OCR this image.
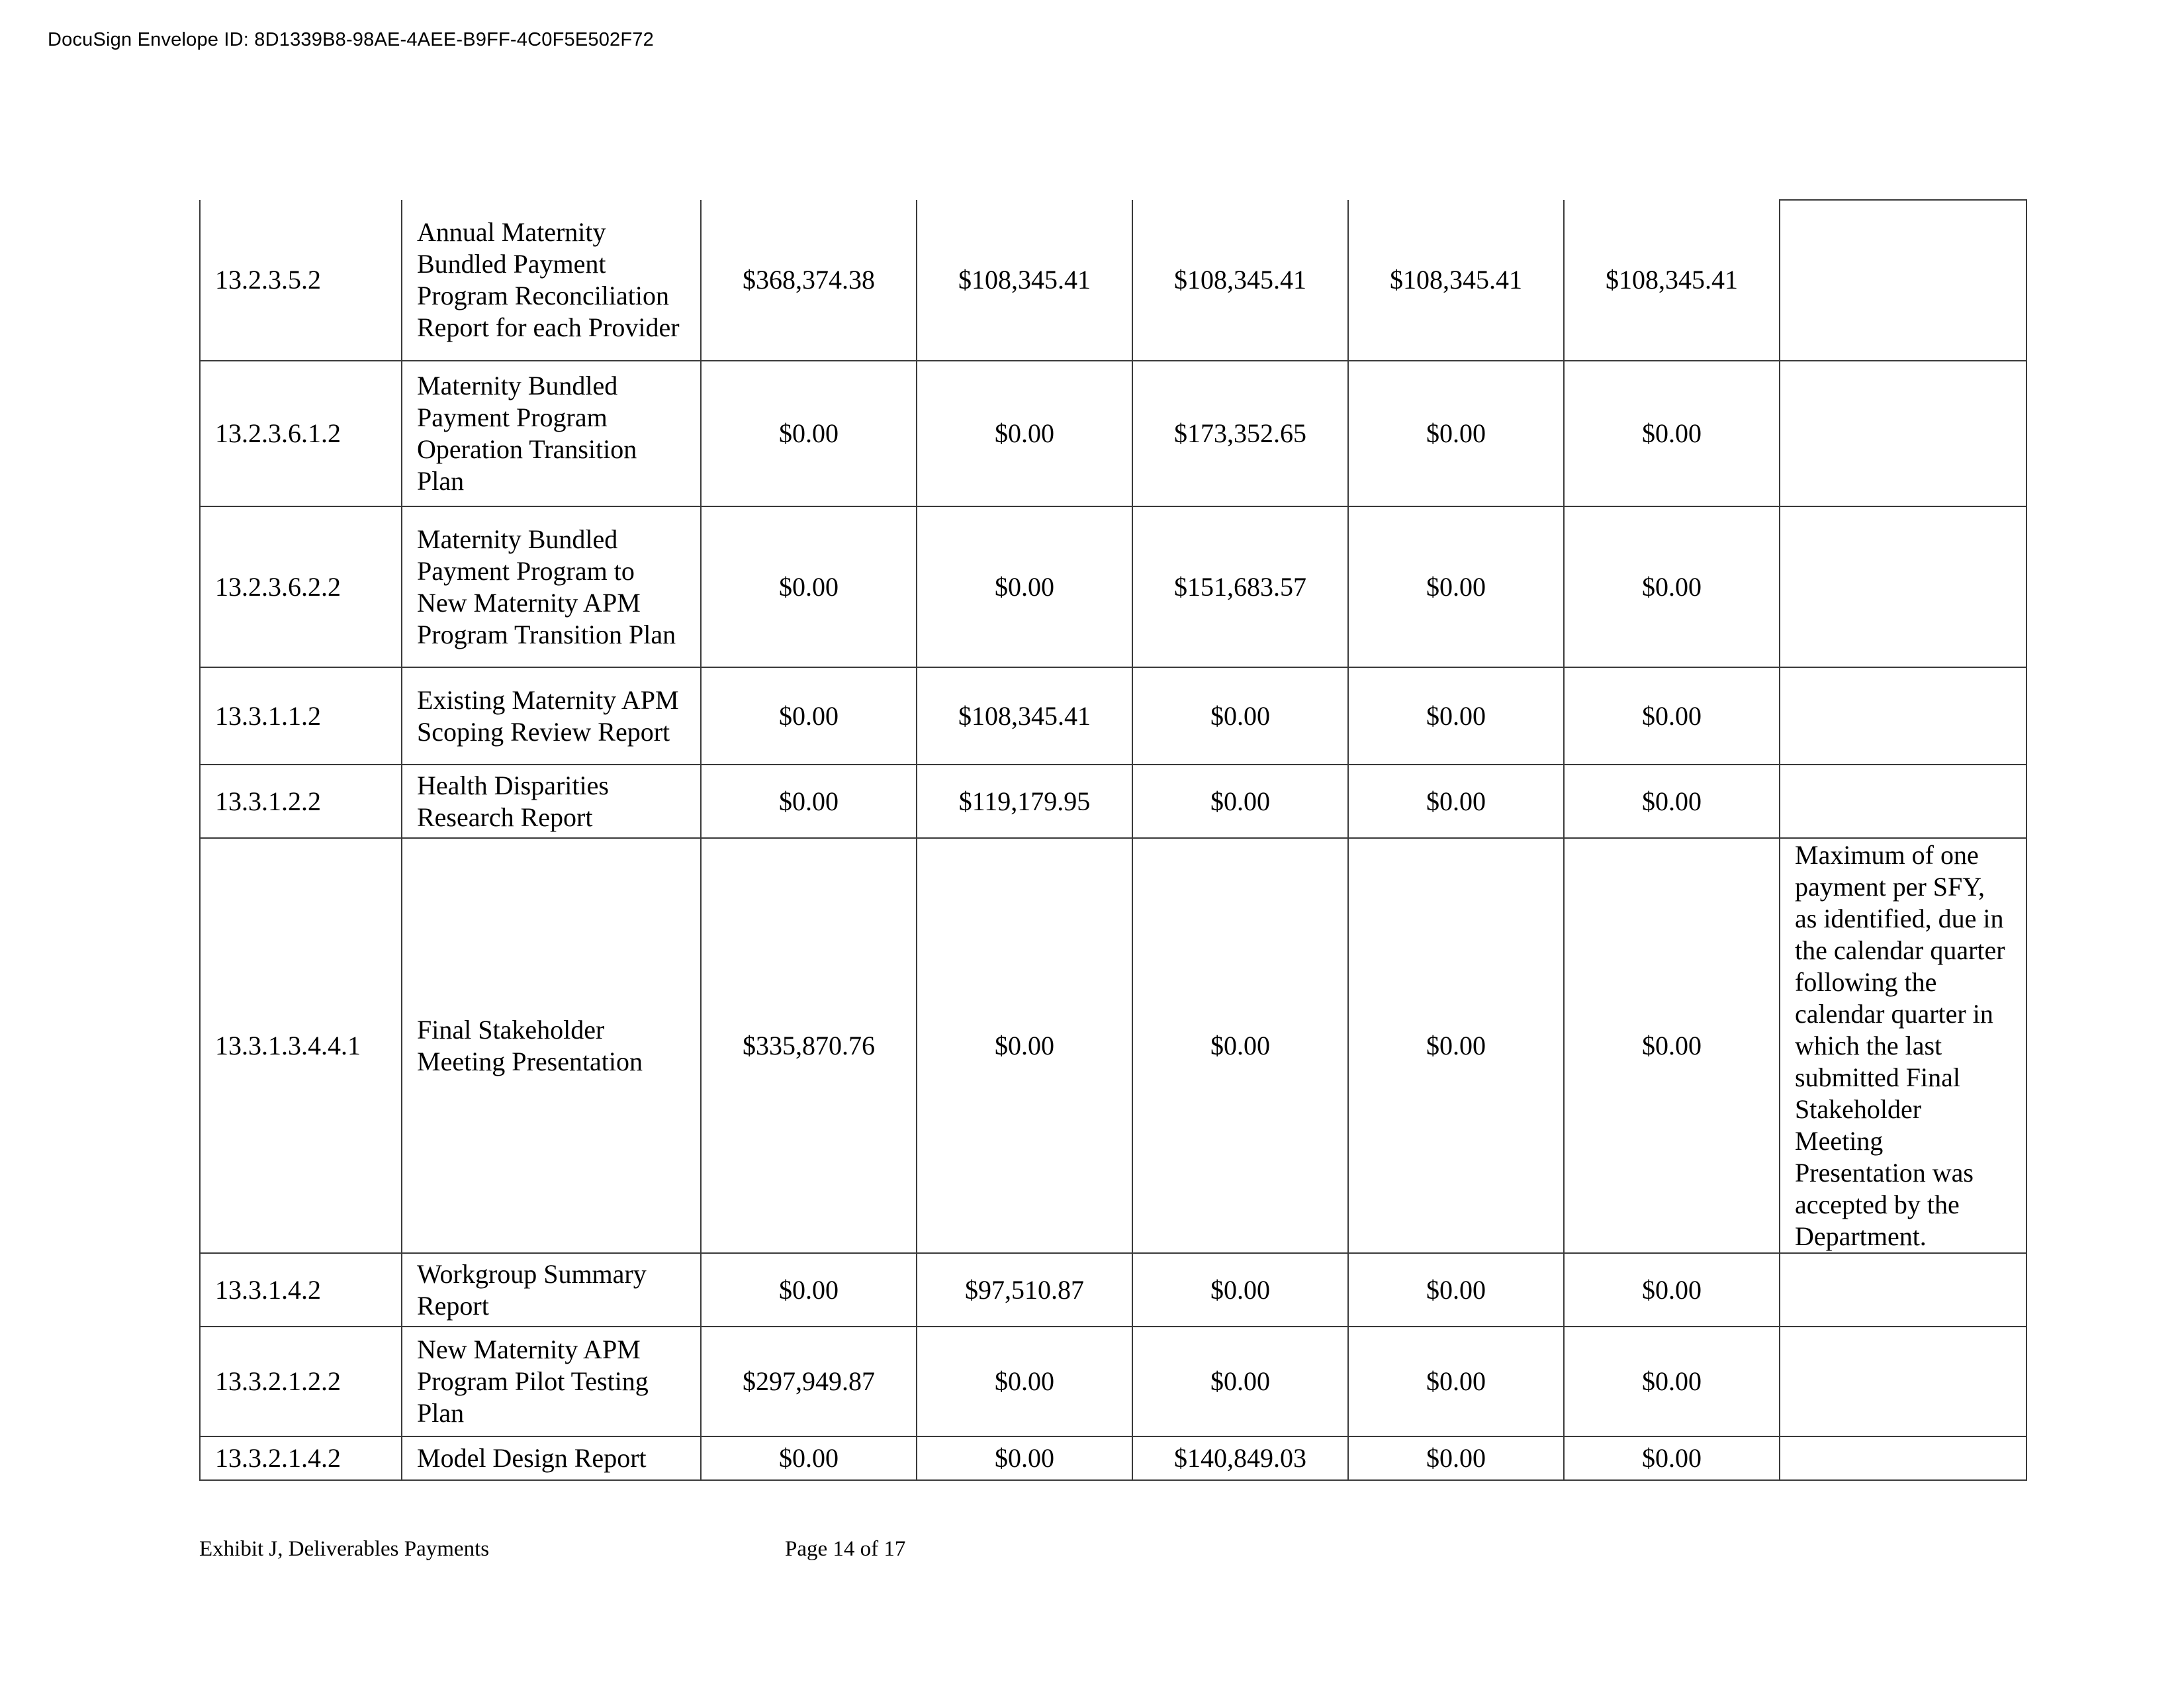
DocuSign Envelope ID: 8D1339B8-98AE-4AEE-B9FF-4C0F5E502F72
13.2.3.5.2	Annual Maternity Bundled Payment Program Reconciliation Report for each Provider	$368,374.38	$108,345.41	$108,345.41	$108,345.41	$108,345.41	
13.2.3.6.1.2	Maternity Bundled Payment Program Operation Transition Plan	$0.00	$0.00	$173,352.65	$0.00	$0.00	
13.2.3.6.2.2	Maternity Bundled Payment Program to New Maternity APM Program Transition Plan	$0.00	$0.00	$151,683.57	$0.00	$0.00	
13.3.1.1.2	Existing Maternity APM Scoping Review Report	$0.00	$108,345.41	$0.00	$0.00	$0.00	
13.3.1.2.2	Health Disparities Research Report	$0.00	$119,179.95	$0.00	$0.00	$0.00	
13.3.1.3.4.4.1	Final Stakeholder Meeting Presentation	$335,870.76	$0.00	$0.00	$0.00	$0.00	Maximum of one payment per SFY, as identified, due in the calendar quarter following the calendar quarter in which the last submitted Final Stakeholder Meeting Presentation was accepted by the Department.
13.3.1.4.2	Workgroup Summary Report	$0.00	$97,510.87	$0.00	$0.00	$0.00	
13.3.2.1.2.2	New Maternity APM Program Pilot Testing Plan	$297,949.87	$0.00	$0.00	$0.00	$0.00	
13.3.2.1.4.2	Model Design Report	$0.00	$0.00	$140,849.03	$0.00	$0.00	
Exhibit J, Deliverables Payments	Page 14 of 17
